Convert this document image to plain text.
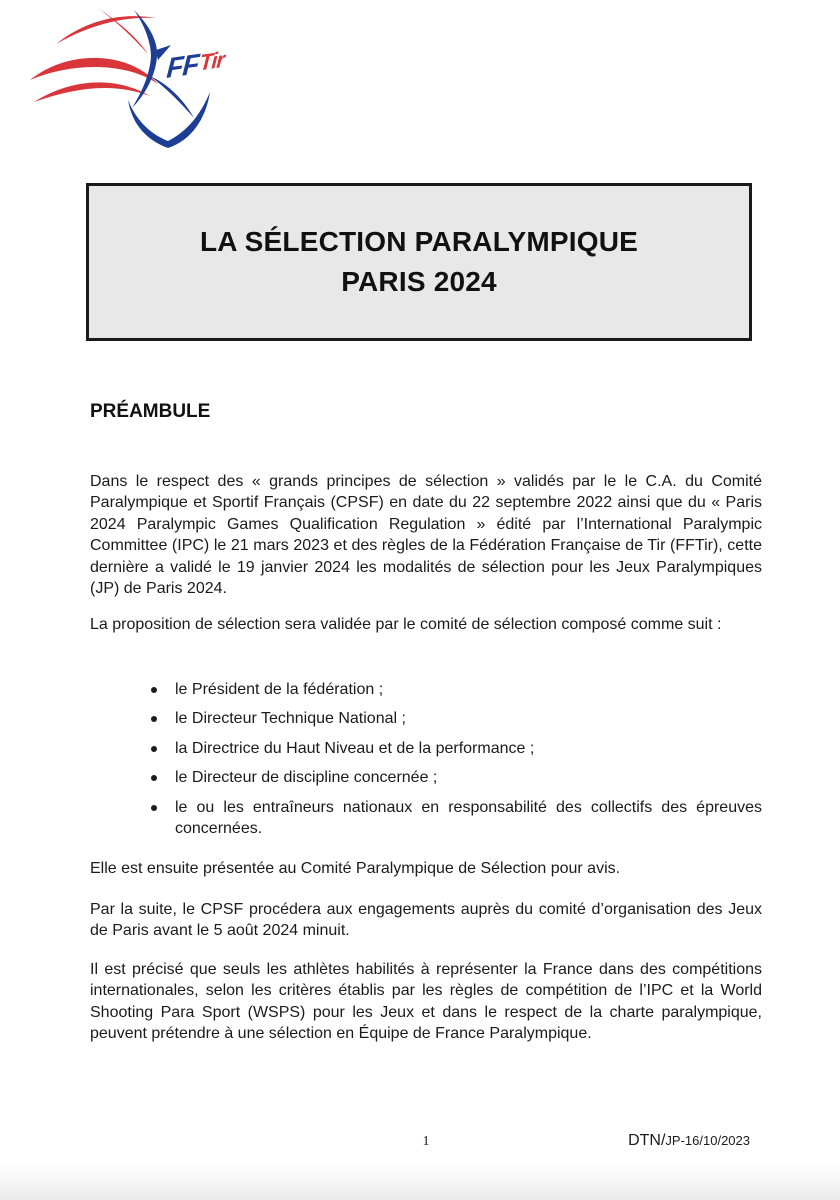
FFTir
LA SÉLECTION PARALYMPIQUE
PARIS 2024
PRÉAMBULE

Dans le respect des « grands principes de sélection » validés par le le C.A. du Comité Paralympique et Sportif Français (CPSF) en date du 22 septembre 2022 ainsi que du « Paris 2024 Paralympic Games Qualification Regulation » édité par l’International Paralympic Committee (IPC) le 21 mars 2023 et des règles de la Fédération Française de Tir (FFTir), cette dernière a validé le 19 janvier 2024 les modalités de sélection pour les Jeux Paralympiques (JP) de Paris 2024.

La proposition de sélection sera validée par le comité de sélection composé comme suit :

le Président de la fédération ;
le Directeur Technique National ;
la Directrice du Haut Niveau et de la performance ;
le Directeur de discipline concernée ;
le ou les entraîneurs nationaux en responsabilité des collectifs des épreuves concernées.

Elle est ensuite présentée au Comité Paralympique de Sélection pour avis.

Par la suite, le CPSF procédera aux engagements auprès du comité d’organisation des Jeux de Paris avant le 5 août 2024 minuit.

Il est précisé que seuls les athlètes habilités à représenter la France dans des compétitions internationales, selon les critères établis par les règles de compétition de l’IPC et la World Shooting Para Sport (WSPS) pour les Jeux et dans le respect de la charte paralympique, peuvent prétendre à une sélection en Équipe de France Paralympique.

1	DTN/JP-16/10/2023
